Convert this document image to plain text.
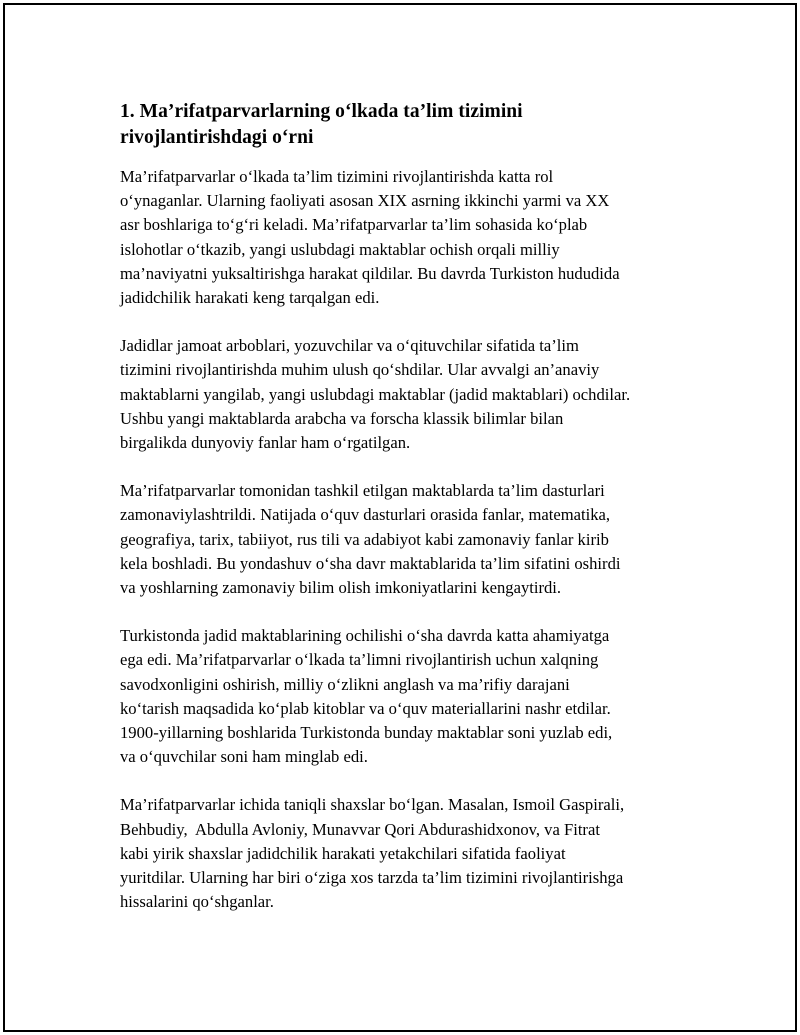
1. Ma’rifatparvarlarning o‘lkada ta’lim tizimini
rivojlantirishdagi o‘rni
Ma’rifatparvarlar o‘lkada ta’lim tizimini rivojlantirishda katta rol
o‘ynaganlar. Ularning faoliyati asosan XIX asrning ikkinchi yarmi va XX
asr boshlariga to‘g‘ri keladi. Ma’rifatparvarlar ta’lim sohasida ko‘plab
islohotlar o‘tkazib, yangi uslubdagi maktablar ochish orqali milliy
ma’naviyatni yuksaltirishga harakat qildilar. Bu davrda Turkiston hududida
jadidchilik harakati keng tarqalgan edi.
Jadidlar jamoat arboblari, yozuvchilar va o‘qituvchilar sifatida ta’lim
tizimini rivojlantirishda muhim ulush qo‘shdilar. Ular avvalgi an’anaviy
maktablarni yangilab, yangi uslubdagi maktablar (jadid maktablari) ochdilar.
Ushbu yangi maktablarda arabcha va forscha klassik bilimlar bilan
birgalikda dunyoviy fanlar ham o‘rgatilgan.
Ma’rifatparvarlar tomonidan tashkil etilgan maktablarda ta’lim dasturlari
zamonaviylashtrildi. Natijada o‘quv dasturlari orasida fanlar, matematika,
geografiya, tarix, tabiiyot, rus tili va adabiyot kabi zamonaviy fanlar kirib
kela boshladi. Bu yondashuv o‘sha davr maktablarida ta’lim sifatini oshirdi
va yoshlarning zamonaviy bilim olish imkoniyatlarini kengaytirdi.
Turkistonda jadid maktablarining ochilishi o‘sha davrda katta ahamiyatga
ega edi. Ma’rifatparvarlar o‘lkada ta’limni rivojlantirish uchun xalqning
savodxonligini oshirish, milliy o‘zlikni anglash va ma’rifiy darajani
ko‘tarish maqsadida ko‘plab kitoblar va o‘quv materiallarini nashr etdilar.
1900-yillarning boshlarida Turkistonda bunday maktablar soni yuzlab edi,
va o‘quvchilar soni ham minglab edi.
Ma’rifatparvarlar ichida taniqli shaxslar bo‘lgan. Masalan, Ismoil Gaspirali,
Behbudiy,  Abdulla Avloniy, Munavvar Qori Abdurashidxonov, va Fitrat
kabi yirik shaxslar jadidchilik harakati yetakchilari sifatida faoliyat
yuritdilar. Ularning har biri o‘ziga xos tarzda ta’lim tizimini rivojlantirishga
hissalarini qo‘shganlar.
